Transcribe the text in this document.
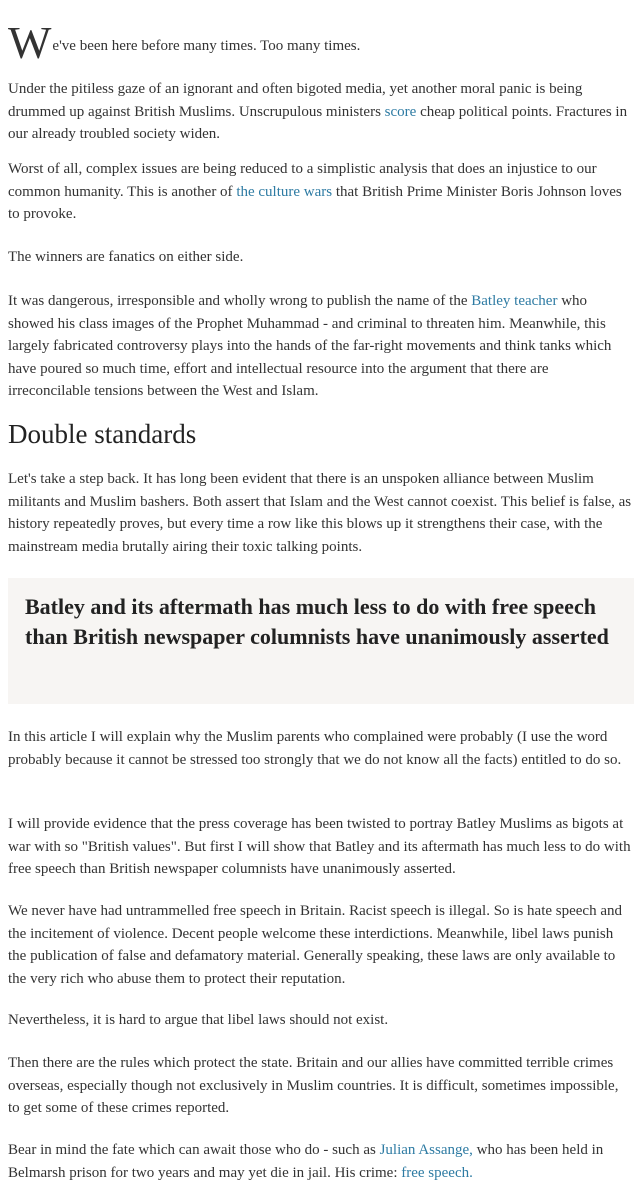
We've been here before many times. Too many times.

Under the pitiless gaze of an ignorant and often bigoted media, yet another moral panic is being drummed up against British Muslims. Unscrupulous ministers score cheap political points. Fractures in our already troubled society widen.

Worst of all, complex issues are being reduced to a simplistic analysis that does an injustice to our common humanity. This is another of the culture wars that British Prime Minister Boris Johnson loves to provoke.

The winners are fanatics on either side.

It was dangerous, irresponsible and wholly wrong to publish the name of the Batley teacher who showed his class images of the Prophet Muhammad - and criminal to threaten him. Meanwhile, this largely fabricated controversy plays into the hands of the far-right movements and think tanks which have poured so much time, effort and intellectual resource into the argument that there are irreconcilable tensions between the West and Islam.

Double standards

Let's take a step back. It has long been evident that there is an unspoken alliance between Muslim militants and Muslim bashers. Both assert that Islam and the West cannot coexist. This belief is false, as history repeatedly proves, but every time a row like this blows up it strengthens their case, with the mainstream media brutally airing their toxic talking points.

Batley and its aftermath has much less to do with free speech than British newspaper columnists have unanimously asserted

In this article I will explain why the Muslim parents who complained were probably (I use the word probably because it cannot be stressed too strongly that we do not know all the facts) entitled to do so.

I will provide evidence that the press coverage has been twisted to portray Batley Muslims as bigots at war with so "British values". But first I will show that Batley and its aftermath has much less to do with free speech than British newspaper columnists have unanimously asserted.

We never have had untrammelled free speech in Britain. Racist speech is illegal. So is hate speech and the incitement of violence. Decent people welcome these interdictions. Meanwhile, libel laws punish the publication of false and defamatory material. Generally speaking, these laws are only available to the very rich who abuse them to protect their reputation.

Nevertheless, it is hard to argue that libel laws should not exist.

Then there are the rules which protect the state. Britain and our allies have committed terrible crimes overseas, especially though not exclusively in Muslim countries. It is difficult, sometimes impossible, to get some of these crimes reported.

Bear in mind the fate which can await those who do - such as Julian Assange, who has been held in Belmarsh prison for two years and may yet die in jail. His crime: free speech.
